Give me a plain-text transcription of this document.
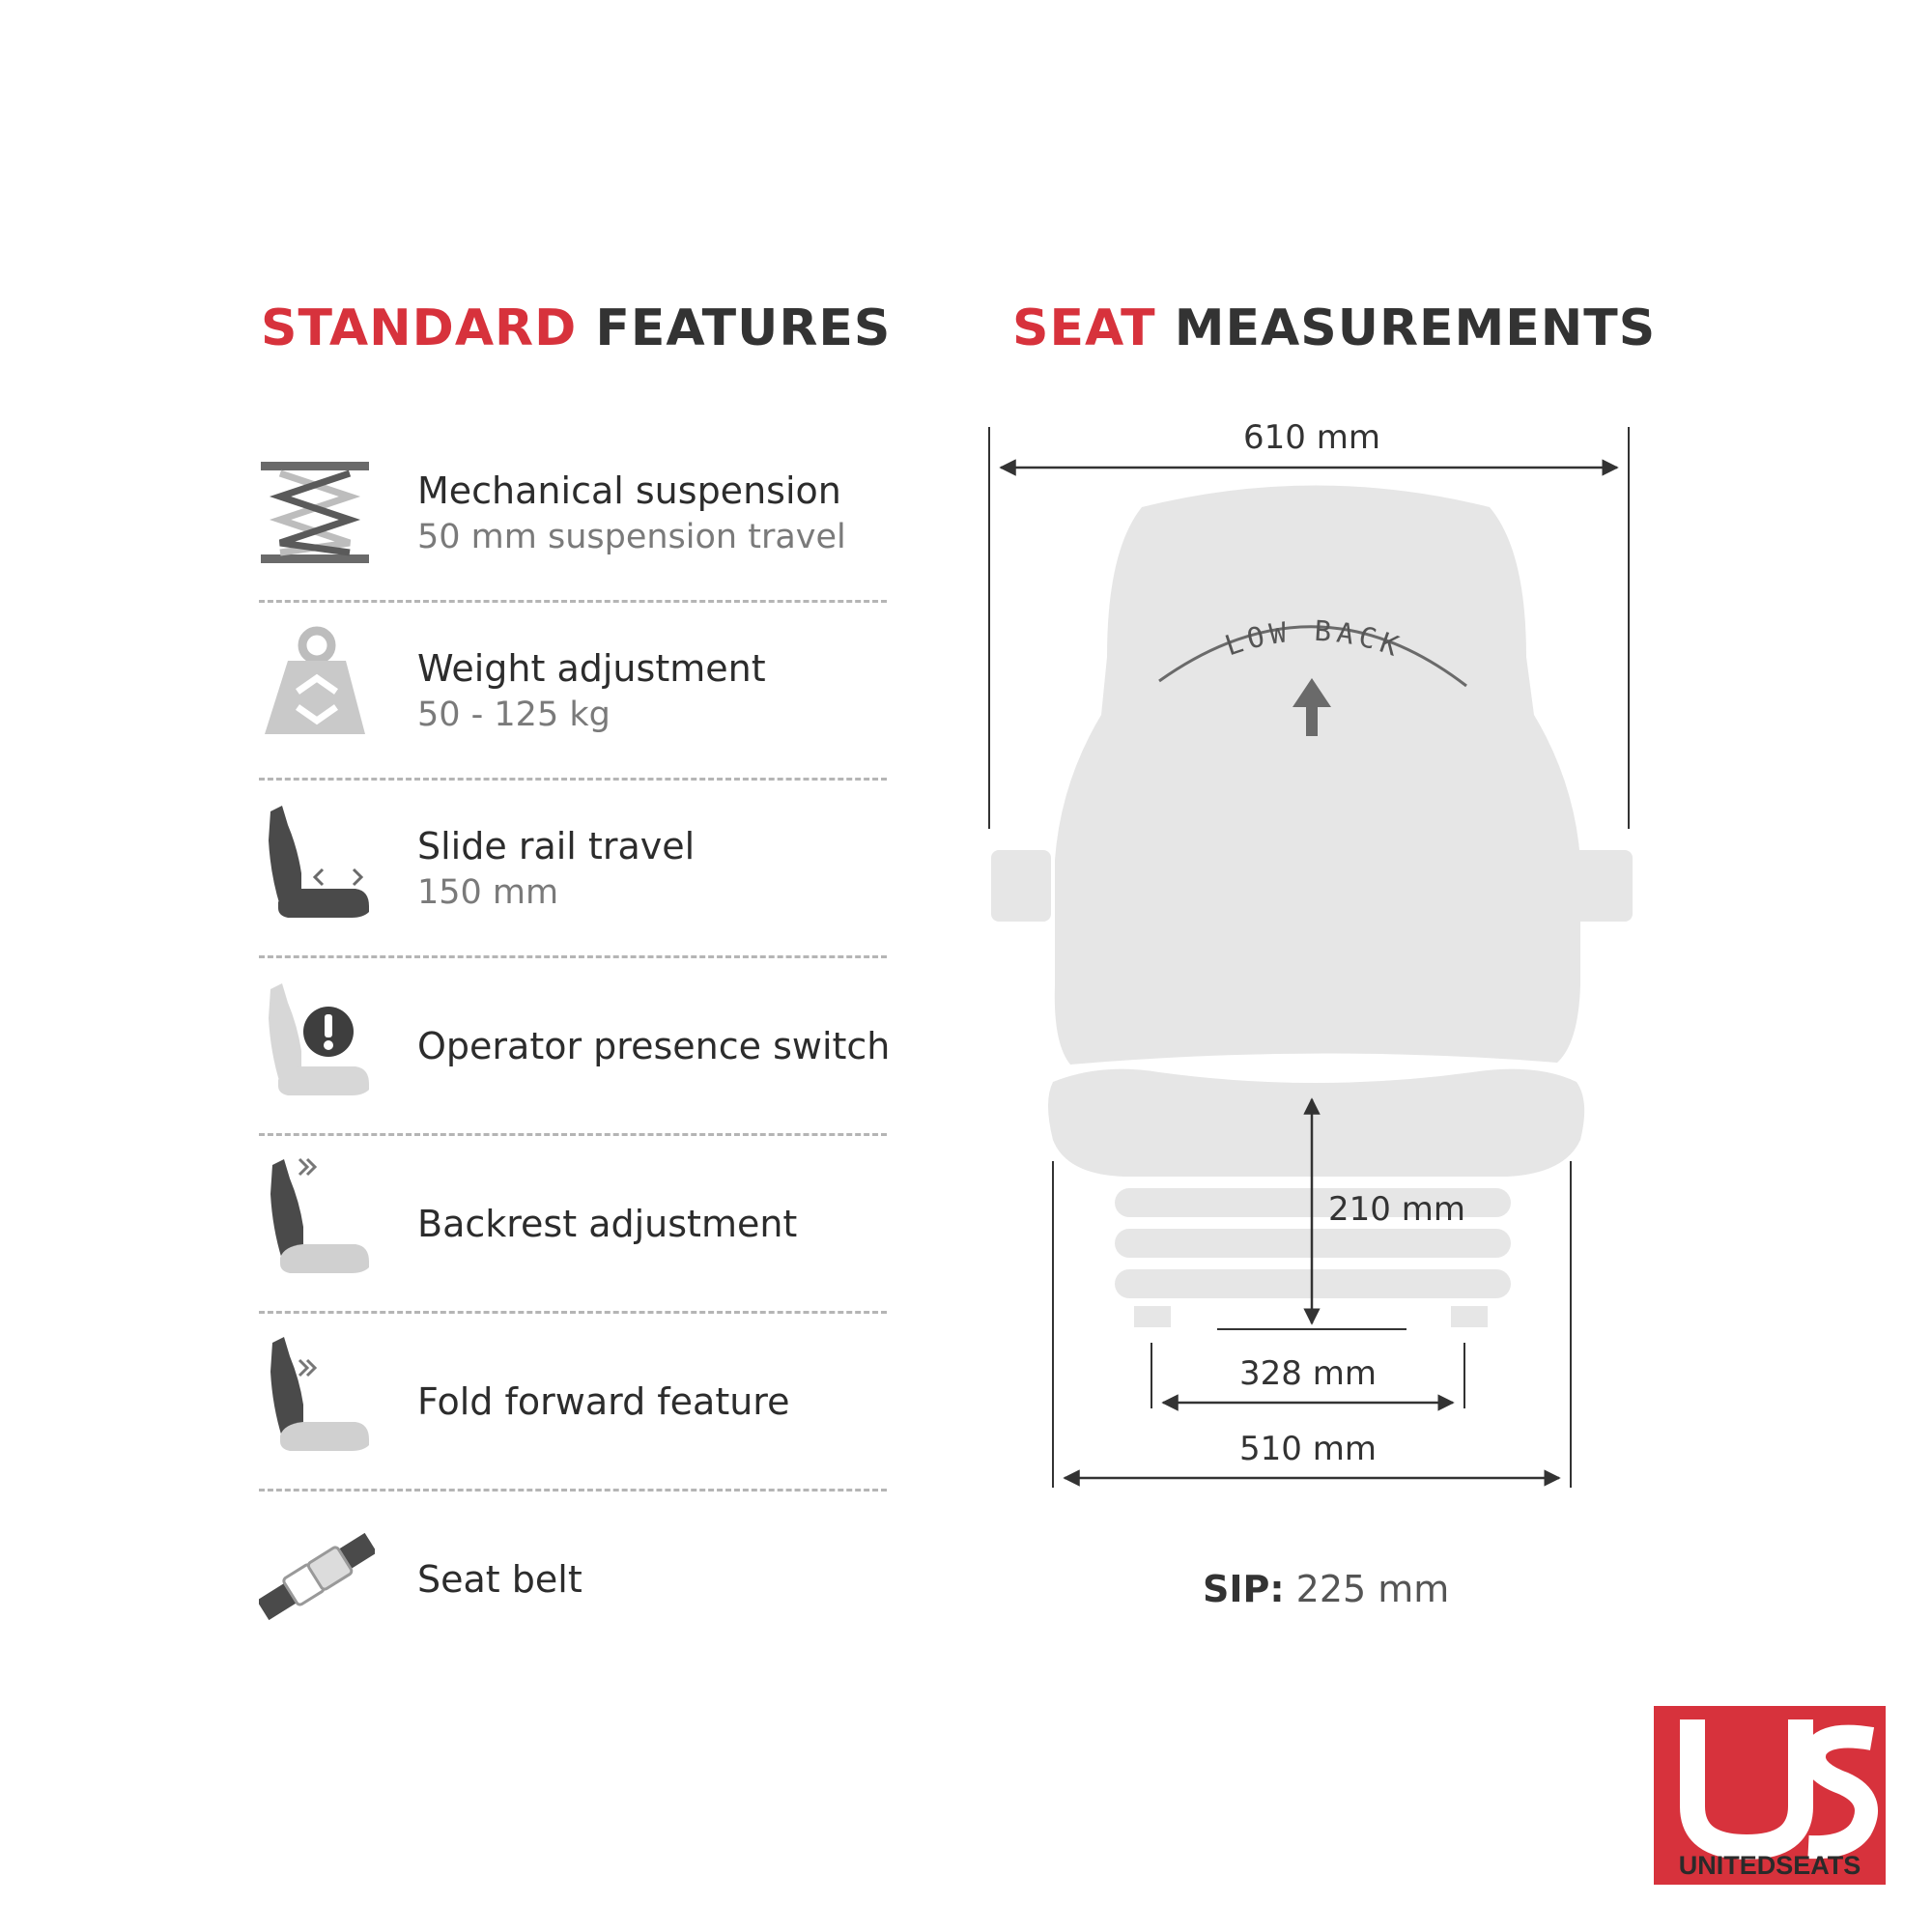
STANDARD FEATURES SEAT MEASUREMENTS
Mechanical suspension
50 mm suspension travel
Weight adjustment
50 - 125 kg
Slide rail travel
150 mm
Operator presence switch
Backrest adjustment
Fold forward feature
Seat belt
LOW BACK
610 mm
210 mm
328 mm
510 mm
SIP: 225 mm
UNITEDSEATS
